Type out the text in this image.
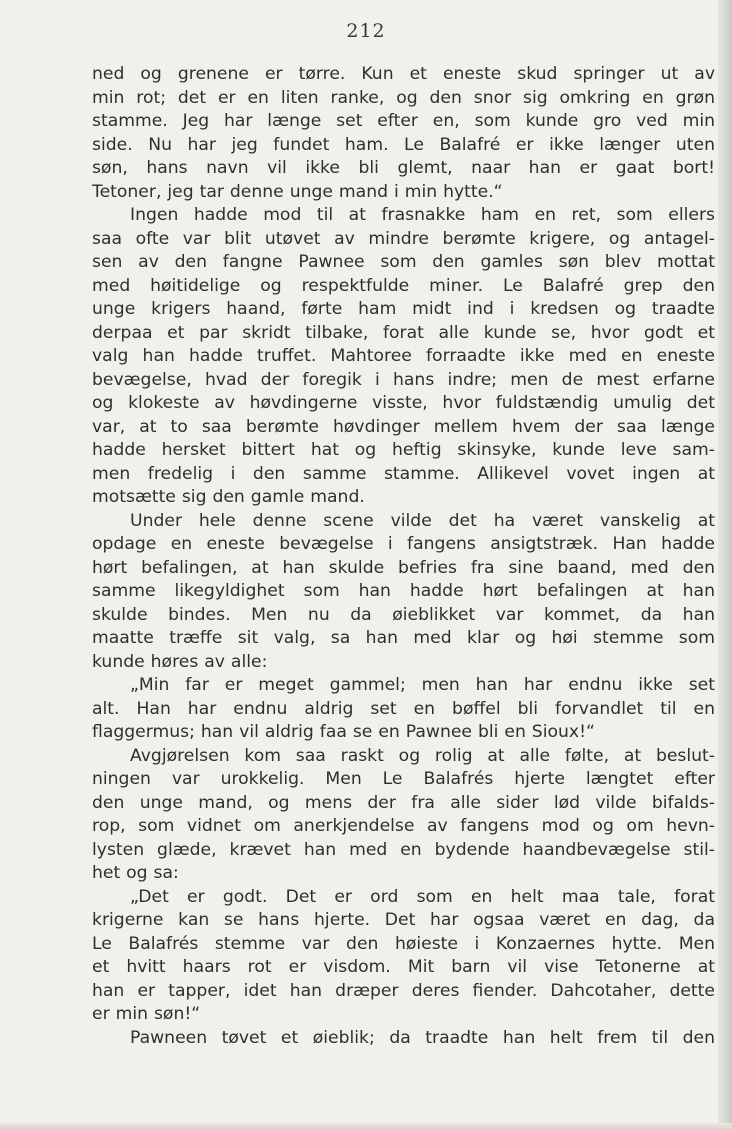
212
ned og grenene er tørre. Kun et eneste skud springer ut av
min rot; det er en liten ranke, og den snor sig omkring en grøn
stamme. Jeg har længe set efter en, som kunde gro ved min
side. Nu har jeg fundet ham. Le Balafré er ikke længer uten
søn, hans navn vil ikke bli glemt, naar han er gaat bort!
Tetoner, jeg tar denne unge mand i min hytte.“
Ingen hadde mod til at frasnakke ham en ret, som ellers
saa ofte var blit utøvet av mindre berømte krigere, og antagel-
sen av den fangne Pawnee som den gamles søn blev mottat
med høitidelige og respektfulde miner. Le Balafré grep den
unge krigers haand, førte ham midt ind i kredsen og traadte
derpaa et par skridt tilbake, forat alle kunde se, hvor godt et
valg han hadde truffet. Mahtoree forraadte ikke med en eneste
bevægelse, hvad der foregik i hans indre; men de mest erfarne
og klokeste av høvdingerne visste, hvor fuldstændig umulig det
var, at to saa berømte høvdinger mellem hvem der saa længe
hadde hersket bittert hat og heftig skinsyke, kunde leve sam-
men fredelig i den samme stamme. Allikevel vovet ingen at
motsætte sig den gamle mand.
Under hele denne scene vilde det ha været vanskelig at
opdage en eneste bevægelse i fangens ansigtstræk. Han hadde
hørt befalingen, at han skulde befries fra sine baand, med den
samme likegyldighet som han hadde hørt befalingen at han
skulde bindes. Men nu da øieblikket var kommet, da han
maatte træffe sit valg, sa han med klar og høi stemme som
kunde høres av alle:
„Min far er meget gammel; men han har endnu ikke set
alt. Han har endnu aldrig set en bøffel bli forvandlet til en
flaggermus; han vil aldrig faa se en Pawnee bli en Sioux!“
Avgjørelsen kom saa raskt og rolig at alle følte, at beslut-
ningen var urokkelig. Men Le Balafrés hjerte længtet efter
den unge mand, og mens der fra alle sider lød vilde bifalds-
rop, som vidnet om anerkjendelse av fangens mod og om hevn-
lysten glæde, krævet han med en bydende haandbevægelse stil-
het og sa:
„Det er godt. Det er ord som en helt maa tale, forat
krigerne kan se hans hjerte. Det har ogsaa været en dag, da
Le Balafrés stemme var den høieste i Konzaernes hytte. Men
et hvitt haars rot er visdom. Mit barn vil vise Tetonerne at
han er tapper, idet han dræper deres fiender. Dahcotaher, dette
er min søn!“
Pawneen tøvet et øieblik; da traadte han helt frem til den
